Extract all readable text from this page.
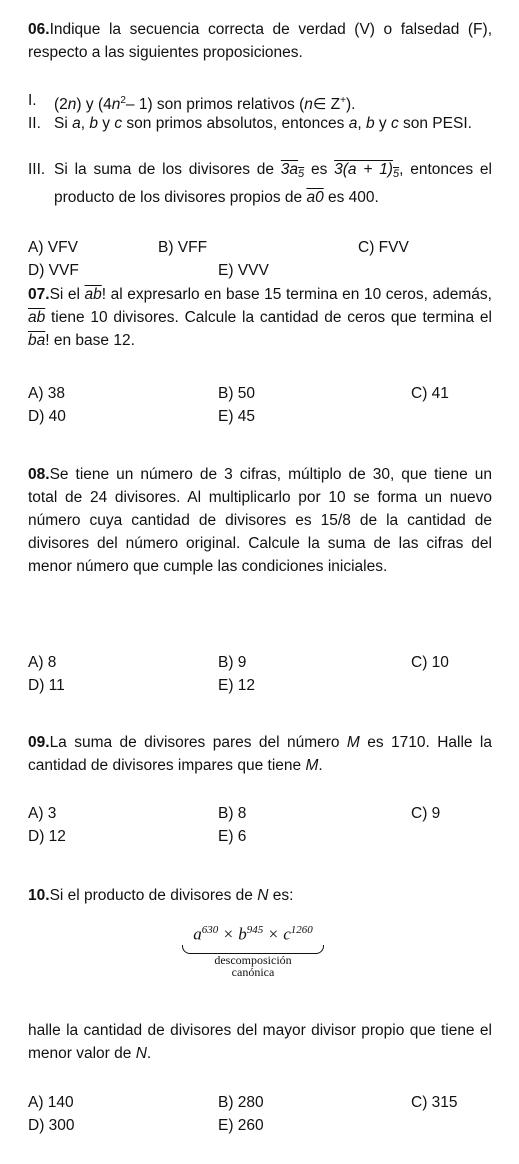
06.Indique la secuencia correcta de verdad (V) o falsedad (F), respecto a las siguientes proposiciones.
I. (2n) y ($4n^2-$ 1) son primos relativos (n∈ Z+).
II. Si a, b y c son primos absolutos, entonces a, b y c son PESI.
III. Si la suma de los divisores de $3a_5$ es $3(a + 1)_5$, entonces el producto de los divisores propios de a0 es 400.
A) VFV	B) VFF	C) FVV
D) VVF	E) VVV
07.Si el $\overline{ab}$! al expresarlo en base 15 termina en 10 ceros, además, $\overline{ab}$ tiene 10 divisores. Calcule la cantidad de ceros que termina el $\overline{ba}$! en base 12.
A) 38	B) 50	C) 41
D) 40	E) 45
08.Se tiene un número de 3 cifras, múltiplo de 30, que tiene un total de 24 divisores. Al multiplicarlo por 10 se forma un nuevo número cuya cantidad de divisores es 15/8 de la cantidad de divisores del número original. Calcule la suma de las cifras del menor número que cumple las condiciones iniciales.
A) 8	B) 9	C) 10
D) 11	E) 12
09.La suma de divisores pares del número M es 1710. Halle la cantidad de divisores impares que tiene M.
A) 3	B) 8	C) 9
D) 12	E) 6
10.Si el producto de divisores de N es:
$a^{630} \times b^{945} \times c^{1260}$
descomposición
canónica
halle la cantidad de divisores del mayor divisor propio que tiene el menor valor de N.
A) 140	B) 280	C) 315
D) 300	E) 260
